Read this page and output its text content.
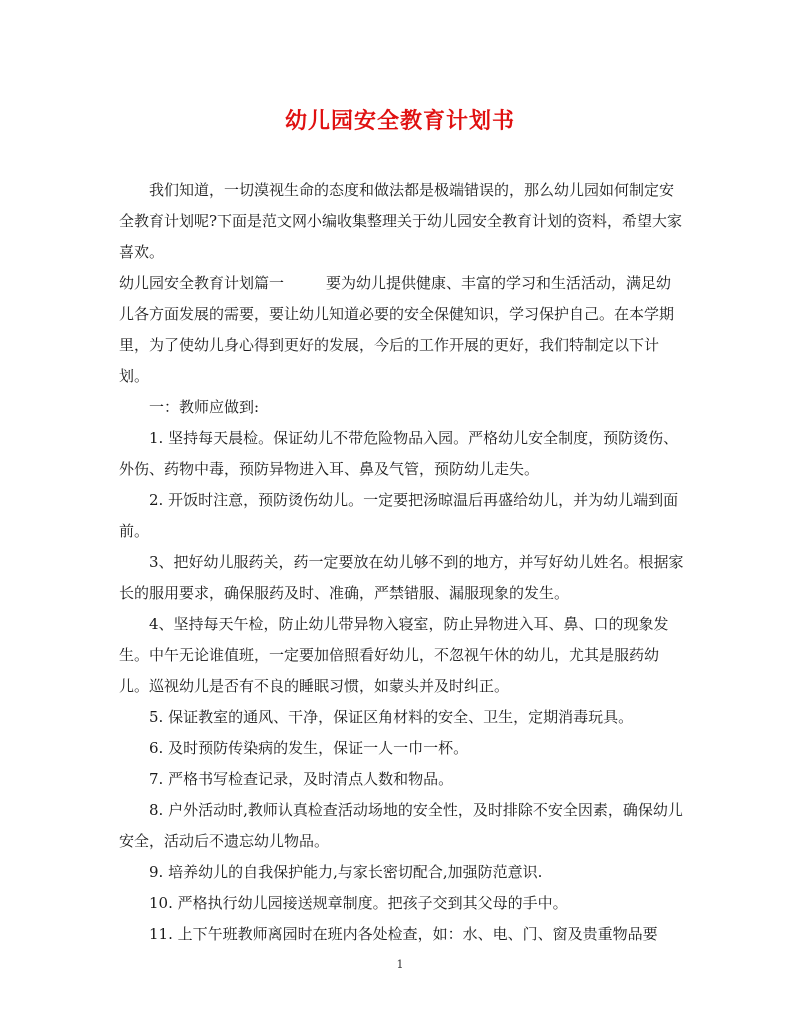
幼儿园安全教育计划书

我们知道，一切漠视生命的态度和做法都是极端错误的，那么幼儿园如何制定安全教育计划呢?下面是范文网小编收集整理关于幼儿园安全教育计划的资料，希望大家喜欢。

幼儿园安全教育计划篇一	要为幼儿提供健康、丰富的学习和生活活动，满足幼儿各方面发展的需要，要让幼儿知道必要的安全保健知识，学习保护自己。在本学期里，为了使幼儿身心得到更好的发展，今后的工作开展的更好，我们特制定以下计划。

一：教师应做到:

1. 坚持每天晨检。保证幼儿不带危险物品入园。严格幼儿安全制度，预防烫伤、外伤、药物中毒，预防异物进入耳、鼻及气管，预防幼儿走失。

2. 开饭时注意，预防烫伤幼儿。一定要把汤晾温后再盛给幼儿，并为幼儿端到面前。

3、把好幼儿服药关，药一定要放在幼儿够不到的地方，并写好幼儿姓名。根据家长的服用要求，确保服药及时、准确，严禁错服、漏服现象的发生。

4、坚持每天午检，防止幼儿带异物入寝室，防止异物进入耳、鼻、口的现象发生。中午无论谁值班，一定要加倍照看好幼儿，不忽视午休的幼儿，尤其是服药幼儿。巡视幼儿是否有不良的睡眠习惯，如蒙头并及时纠正。

5. 保证教室的通风、干净，保证区角材料的安全、卫生，定期消毒玩具。

6. 及时预防传染病的发生，保证一人一巾一杯。

7. 严格书写检查记录，及时清点人数和物品。

8. 户外活动时,教师认真检查活动场地的安全性，及时排除不安全因素，确保幼儿安全，活动后不遗忘幼儿物品。

9. 培养幼儿的自我保护能力,与家长密切配合,加强防范意识.

10. 严格执行幼儿园接送规章制度。把孩子交到其父母的手中。

11. 上下午班教师离园时在班内各处检查，如：水、电、门、窗及贵重物品要

1
